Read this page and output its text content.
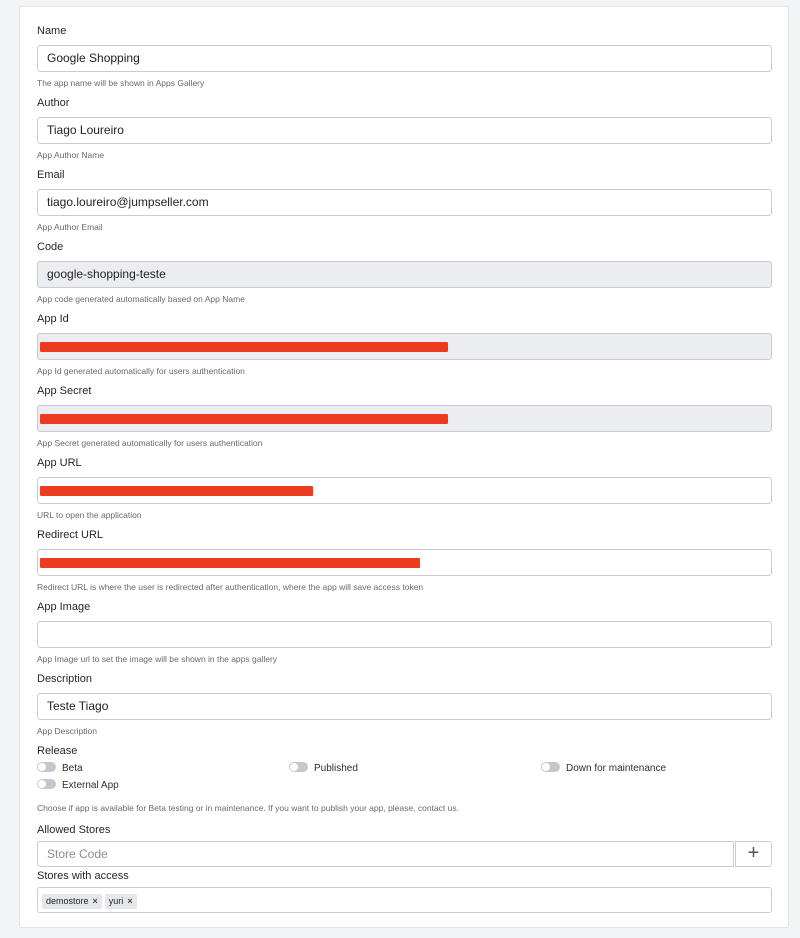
Name
Google Shopping
The app name will be shown in Apps Gallery
Author
Tiago Loureiro
App Author Name
Email
tiago.loureiro@jumpseller.com
App Author Email
Code
google-shopping-teste
App code generated automatically based on App Name
App Id
App Id generated automatically for users authentication
App Secret
App Secret generated automatically for users authentication
App URL
URL to open the application
Redirect URL
Redirect URL is where the user is redirected after authentication, where the app will save access token
App Image
App Image url to set the image will be shown in the apps gallery
Description
Teste Tiago
App Description
Release
Beta	Published	Down for maintenance
External App
Choose if app is available for Beta testing or in maintenance. If you want to publish your app, please, contact us.
Allowed Stores
Store Code	+
Stores with access
demostore × yuri ×
